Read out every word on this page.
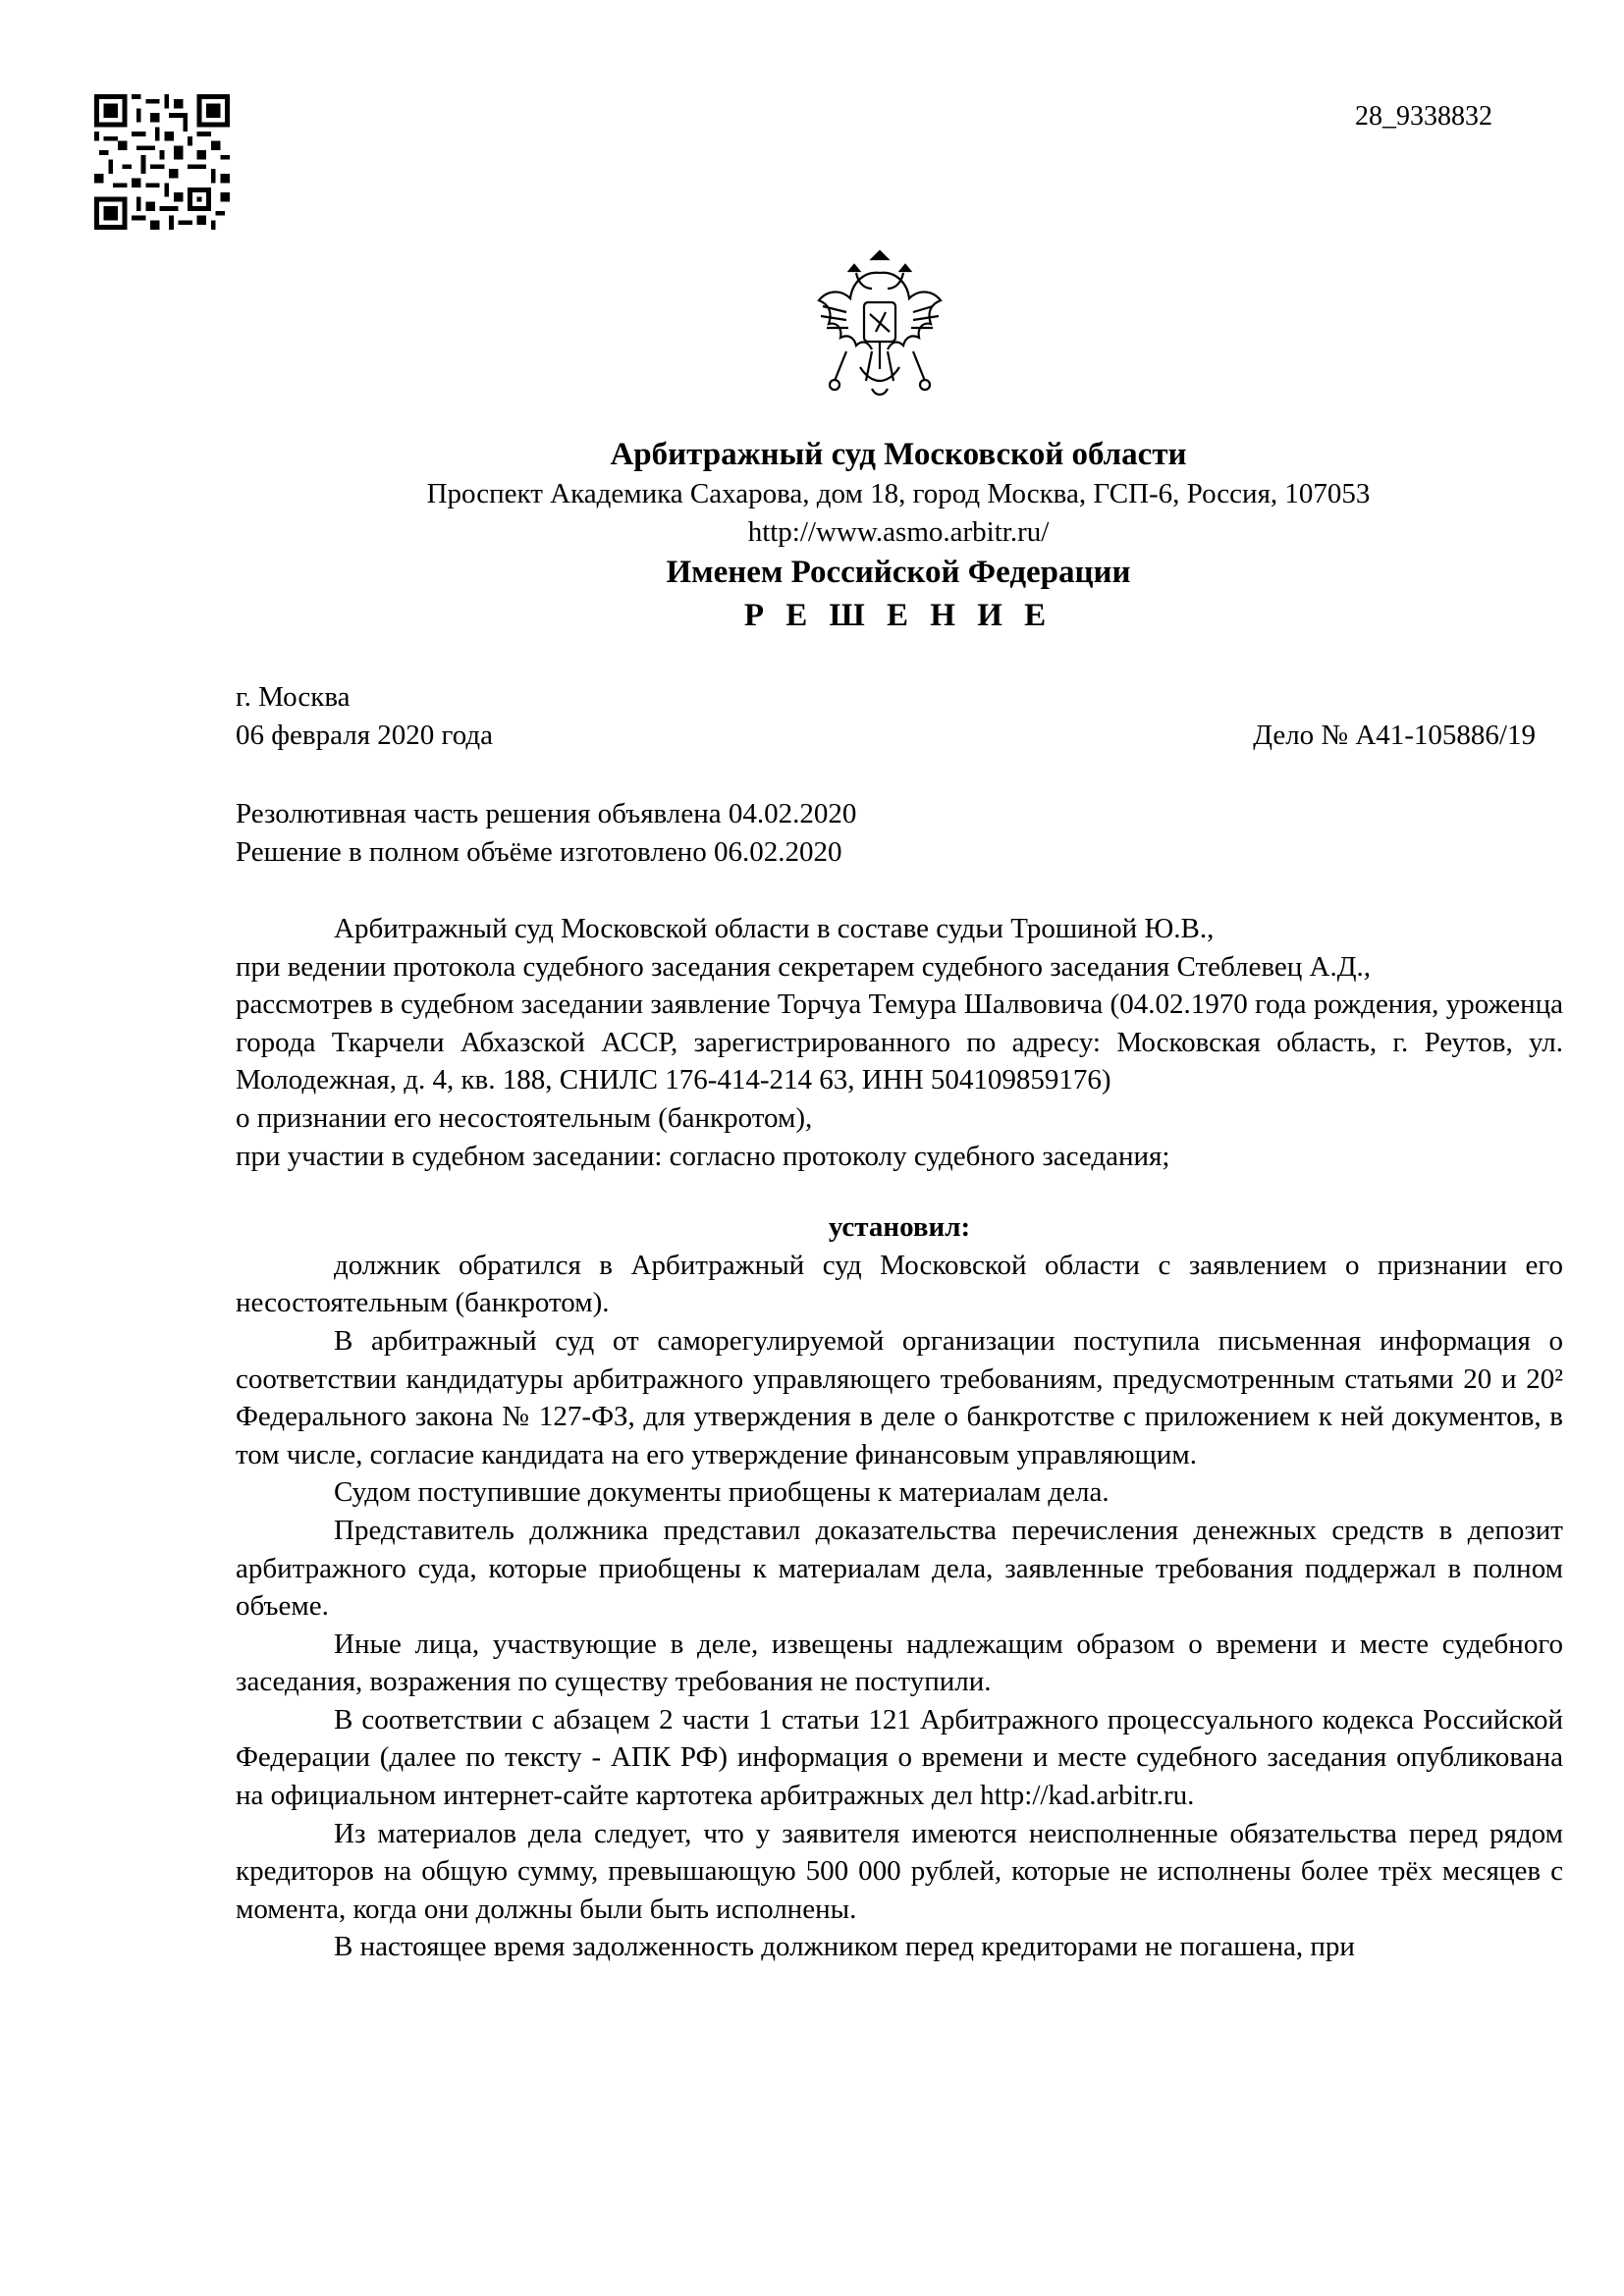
28_9338832
Арбитражный суд Московской области
Проспект Академика Сахарова, дом 18, город Москва, ГСП-6, Россия, 107053
http://www.asmo.arbitr.ru/
Именем Российской Федерации
Р Е Ш Е Н И Е
г. Москва
06 февраля 2020 года	Дело № А41-105886/19
Резолютивная часть решения объявлена 04.02.2020
Решение в полном объёме изготовлено 06.02.2020

Арбитражный суд Московской области в составе судьи Трошиной Ю.В.,

при ведении протокола судебного заседания секретарем судебного заседания Стеблевец А.Д.,

рассмотрев в судебном заседании заявление Торчуа Темура Шалвовича (04.02.1970 года рождения, уроженца города Ткарчели Абхазской АССР, зарегистрированного по адресу: Московская область, г. Реутов, ул. Молодежная, д. 4, кв. 188, СНИЛС 176-414-214 63, ИНН 504109859176)

о признании его несостоятельным (банкротом),

при участии в судебном заседании: согласно протоколу судебного заседания;

установил:

должник обратился в Арбитражный суд Московской области с заявлением о признании его несостоятельным (банкротом).

В арбитражный суд от саморегулируемой организации поступила письменная информация о соответствии кандидатуры арбитражного управляющего требованиям, предусмотренным статьями 20 и 20² Федерального закона № 127-ФЗ, для утверждения в деле о банкротстве с приложением к ней документов, в том числе, согласие кандидата на его утверждение финансовым управляющим.

Судом поступившие документы приобщены к материалам дела.

Представитель должника представил доказательства перечисления денежных средств в депозит арбитражного суда, которые приобщены к материалам дела, заявленные требования поддержал в полном объеме.

Иные лица, участвующие в деле, извещены надлежащим образом о времени и месте судебного заседания, возражения по существу требования не поступили.

В соответствии с абзацем 2 части 1 статьи 121 Арбитражного процессуального кодекса Российской Федерации (далее по тексту - АПК РФ) информация о времени и месте судебного заседания опубликована на официальном интернет-сайте картотека арбитражных дел http://kad.arbitr.ru.

Из материалов дела следует, что у заявителя имеются неисполненные обязательства перед рядом кредиторов на общую сумму, превышающую 500 000 рублей, которые не исполнены более трёх месяцев с момента, когда они должны были быть исполнены.

В настоящее время задолженность должником перед кредиторами не погашена, при
